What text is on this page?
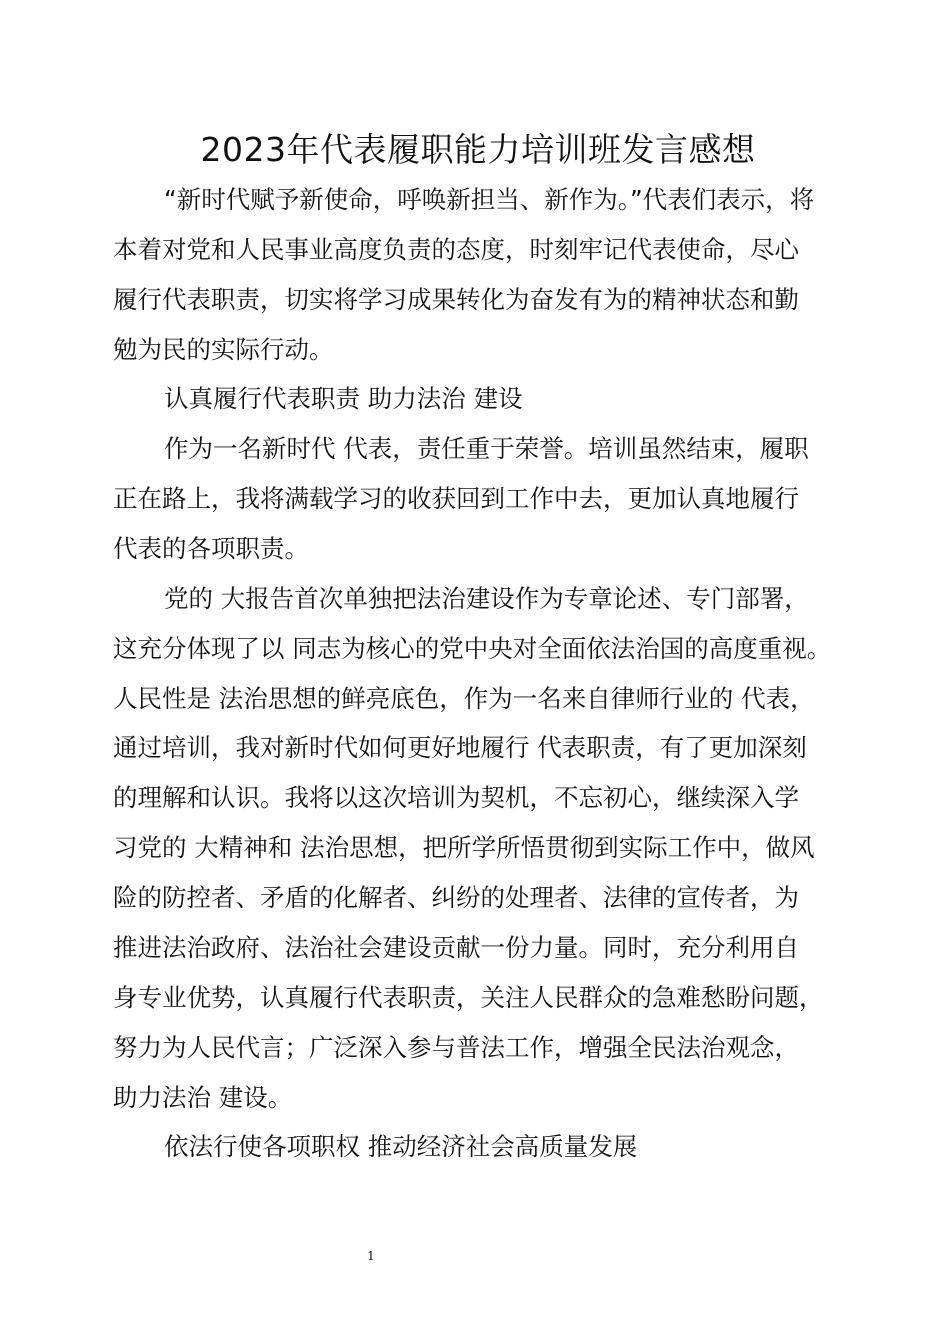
2023年代表履职能力培训班发言感想
“新时代赋予新使命，呼唤新担当、新作为。”代表们表示，将
本着对党和人民事业高度负责的态度，时刻牢记代表使命，尽心
履行代表职责，切实将学习成果转化为奋发有为的精神状态和勤
勉为民的实际行动。
认真履行代表职责 助力法治 建设
作为一名新时代 代表，责任重于荣誉。培训虽然结束，履职
正在路上，我将满载学习的收获回到工作中去，更加认真地履行
代表的各项职责。
党的 大报告首次单独把法治建设作为专章论述、专门部署，
这充分体现了以 同志为核心的党中央对全面依法治国的高度重视。
人民性是 法治思想的鲜亮底色，作为一名来自律师行业的 代表，
通过培训，我对新时代如何更好地履行 代表职责，有了更加深刻
的理解和认识。我将以这次培训为契机，不忘初心，继续深入学
习党的 大精神和 法治思想，把所学所悟贯彻到实际工作中，做风
险的防控者、矛盾的化解者、纠纷的处理者、法律的宣传者，为
推进法治政府、法治社会建设贡献一份力量。同时，充分利用自
身专业优势，认真履行代表职责，关注人民群众的急难愁盼问题，
努力为人民代言；广泛深入参与普法工作，增强全民法治观念，
助力法治 建设。
依法行使各项职权 推动经济社会高质量发展
1
